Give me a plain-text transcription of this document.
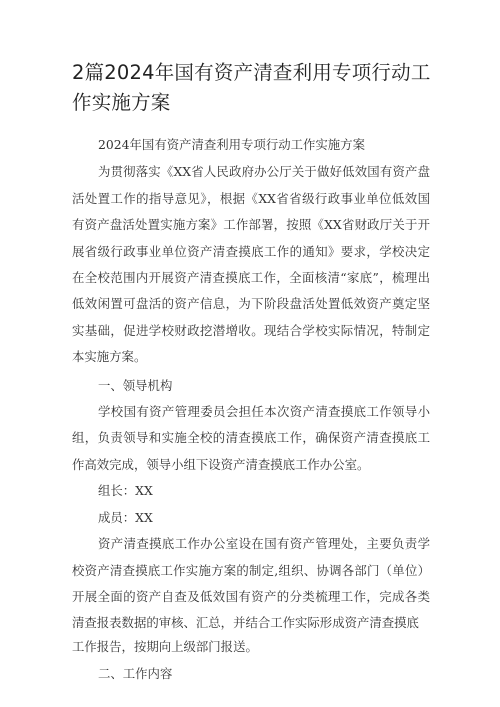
2篇2024年国有资产清查利用专项行动工作实施方案

2024年国有资产清查利用专项行动工作实施方案

为贯彻落实《XX省人民政府办公厅关于做好低效国有资产盘活处置工作的指导意见》，根据《XX省省级行政事业单位低效国有资产盘活处置实施方案》工作部署，按照《XX省财政厅关于开展省级行政事业单位资产清查摸底工作的通知》要求，学校决定在全校范围内开展资产清查摸底工作，全面核清“家底”，梳理出低效闲置可盘活的资产信息，为下阶段盘活处置低效资产奠定坚实基础，促进学校财政挖潜增收。现结合学校实际情况，特制定本实施方案。

一、领导机构

学校国有资产管理委员会担任本次资产清查摸底工作领导小组，负责领导和实施全校的清查摸底工作，确保资产清查摸底工作高效完成，领导小组下设资产清查摸底工作办公室。

组长：XX

成员：XX

资产清查摸底工作办公室设在国有资产管理处，主要负责学校资产清查摸底工作实施方案的制定,组织、协调各部门（单位）开展全面的资产自查及低效国有资产的分类梳理工作，完成各类清查报表数据的审核、汇总，并结合工作实际形成资产清查摸底

工作报告，按期向上级部门报送。

二、工作内容
